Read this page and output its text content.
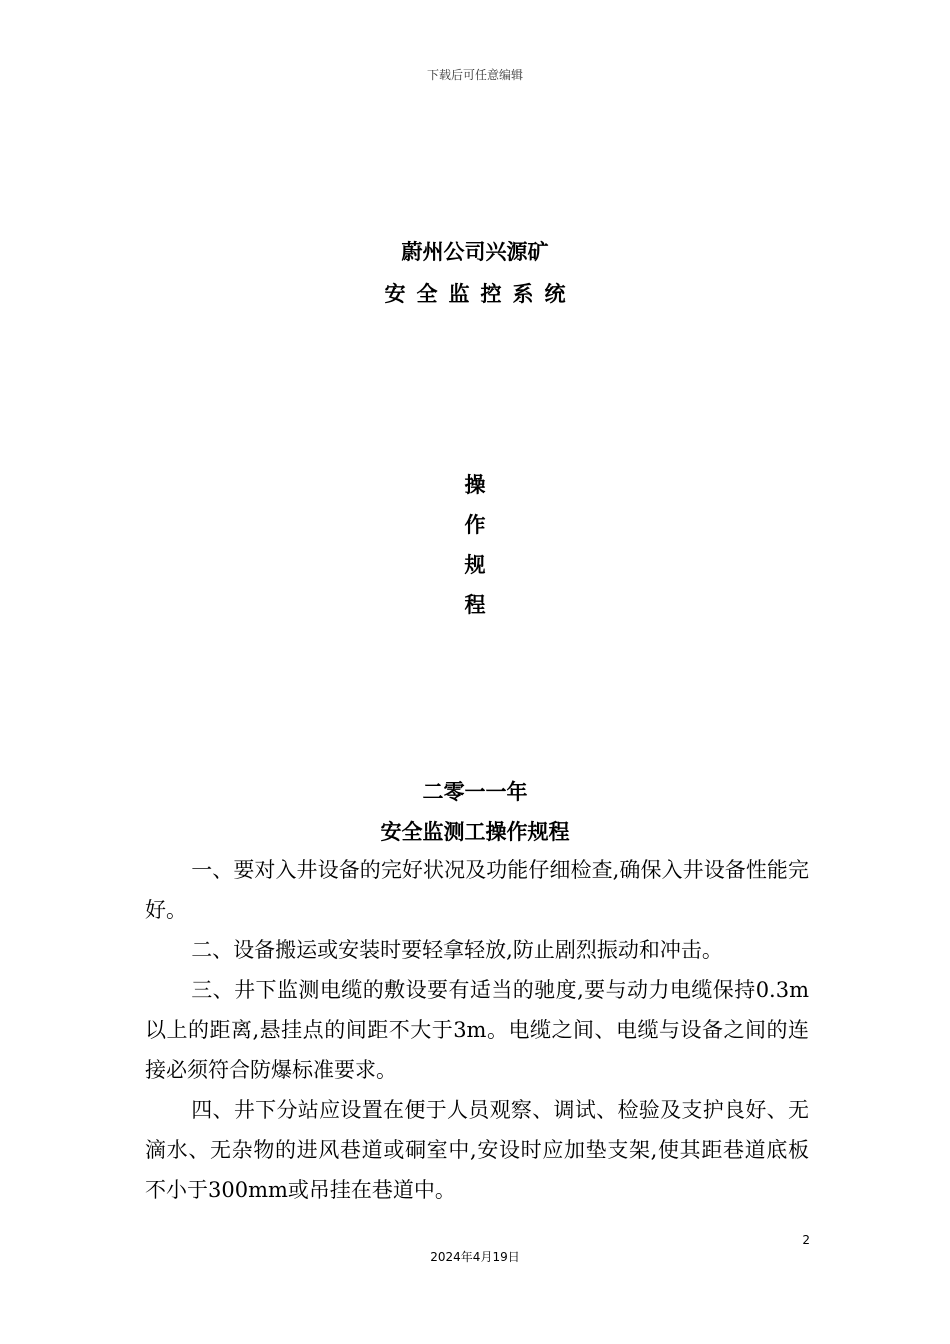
下载后可任意编辑
蔚州公司兴源矿
安全监控系统
操
作
规
程
二零一一年
安全监测工操作规程

一、要对入井设备的完好状况及功能仔细检查,确保入井设备性能完好。

二、设备搬运或安装时要轻拿轻放,防止剧烈振动和冲击。

三、井下监测电缆的敷设要有适当的驰度,要与动力电缆保持0.3m以上的距离,悬挂点的间距不大于3m。电缆之间、电缆与设备之间的连接必须符合防爆标准要求。

四、井下分站应设置在便于人员观察、调试、检验及支护良好、无滴水、无杂物的进风巷道或硐室中,安设时应加垫支架,使其距巷道底板不小于300mm或吊挂在巷道中。

2
2024年4月19日
